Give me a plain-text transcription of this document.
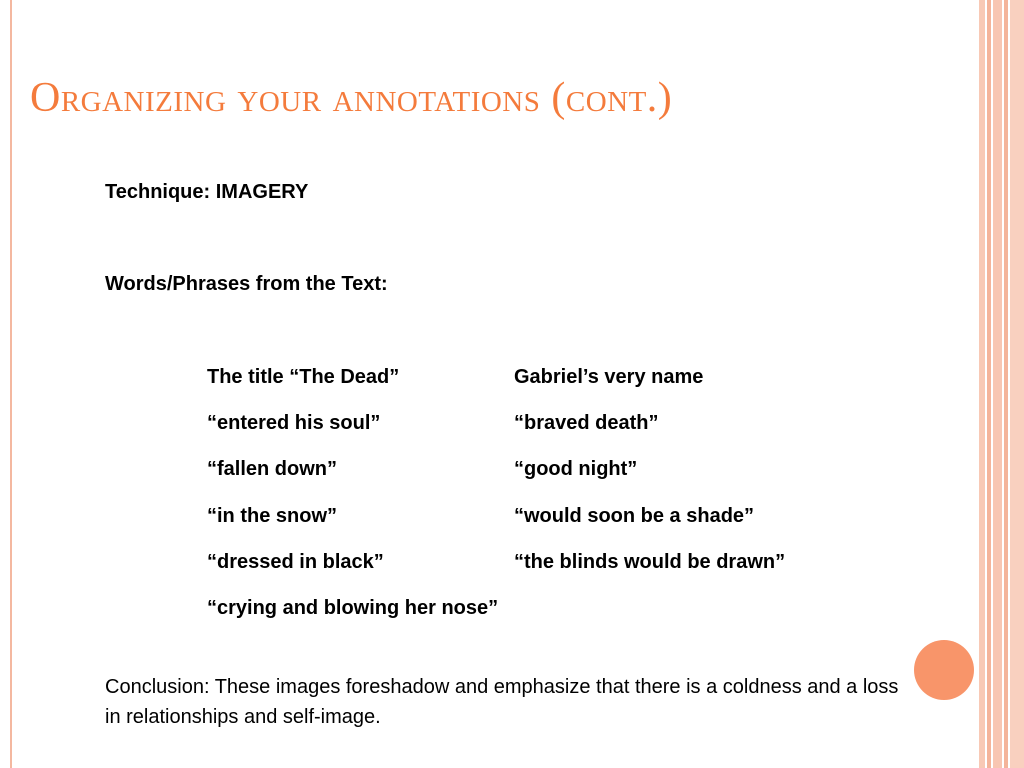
Organizing your annotations (cont.)
Technique: IMAGERY
Words/Phrases from the Text:
The title “The Dead”	Gabriel’s very name
“entered his soul”	“braved death”
“fallen down”	“good night”
“in the snow”	“would soon be a shade”
“dressed in black”	“the blinds would be drawn”
“crying and blowing her nose”

Conclusion: These images foreshadow and emphasize that there is a coldness and a loss in relationships and self-image.
